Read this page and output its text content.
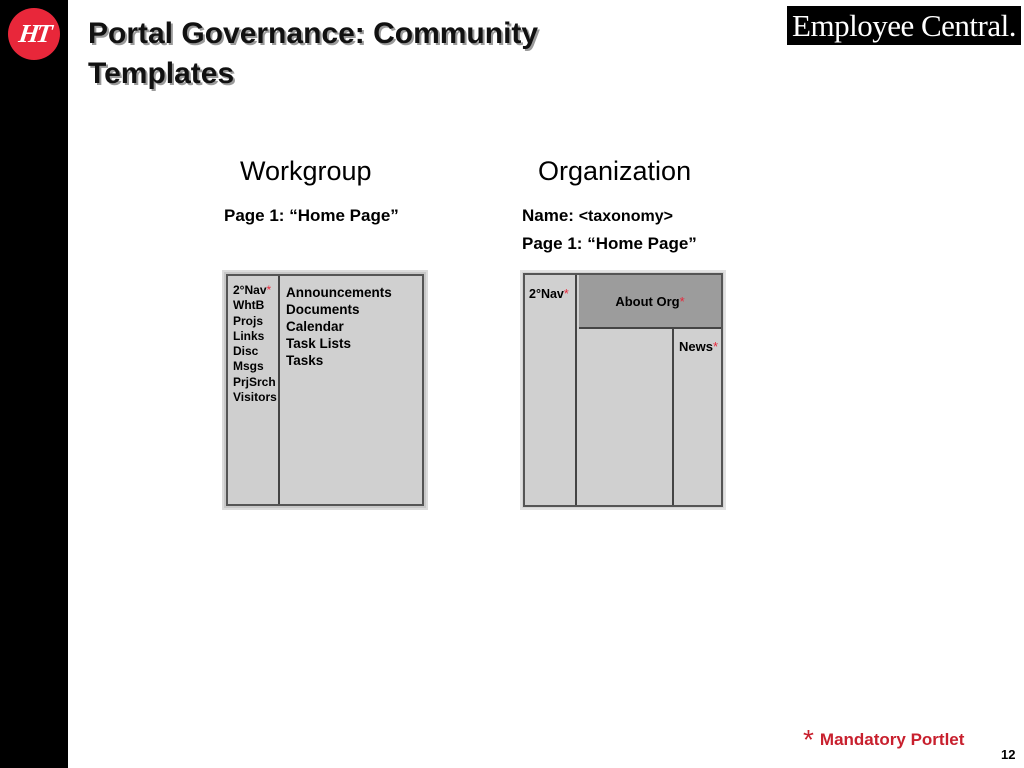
HT Portal Governance: Community
Templates
Employee Central.
Workgroup
Page 1: “Home Page”
2°Nav*
WhtB
Projs
Links
Disc
Msgs
PrjSrch
Visitors
Announcements
Documents
Calendar
Task Lists
Tasks
Organization
Name: <taxonomy>
Page 1: “Home Page”
2°Nav*	About Org *
News*
* Mandatory Portlet
12
